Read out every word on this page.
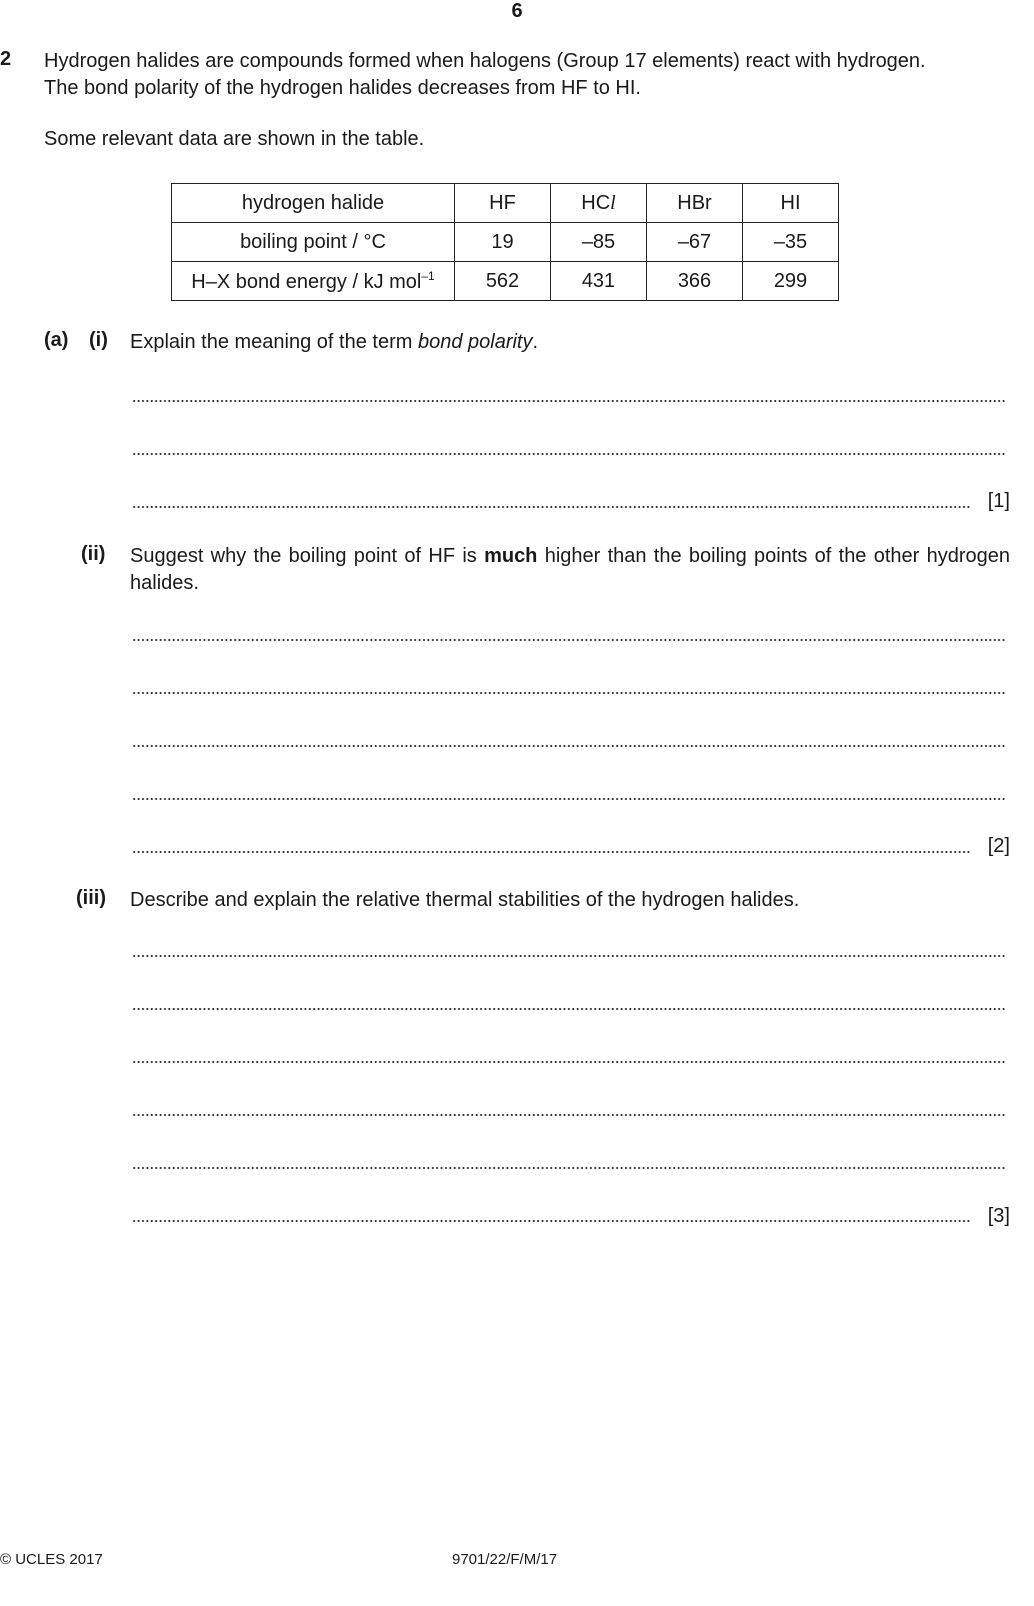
6
2 Hydrogen halides are compounds formed when halogens (Group 17 elements) react with hydrogen.

The bond polarity of the hydrogen halides decreases from HF to HI.

Some relevant data are shown in the table.
hydrogen halide	HF	HCl	HBr	HI
boiling point / °C	19	–85	–67	–35
H–X bond energy / kJ mol$^{-1}$	562	431	366	299
(a) (i) Explain the meaning of the term bond polarity.
[1]
(ii) Suggest why the boiling point of HF is much higher than the boiling points of the other hydrogen halides.
[2]
(iii) Describe and explain the relative thermal stabilities of the hydrogen halides.
[3]
© UCLES 2017	9701/22/F/M/17
